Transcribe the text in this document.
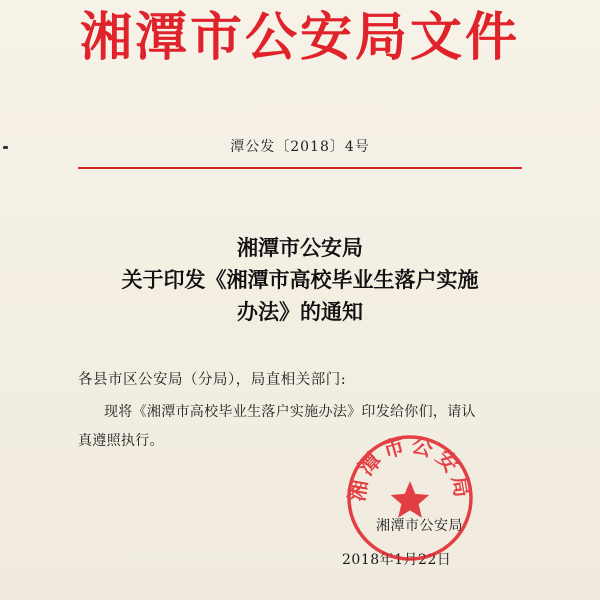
湘潭市公安局文件
潭公发〔2018〕4号
湘潭市公安局
关于印发《湘潭市高校毕业生落户实施
办法》的通知
各县市区公安局（分局），局直相关部门:
现将《湘潭市高校毕业生落户实施办法》印发给你们，请认
真遵照执行。
湘潭市公安局
2018年1月22日
湘潭市公安局
